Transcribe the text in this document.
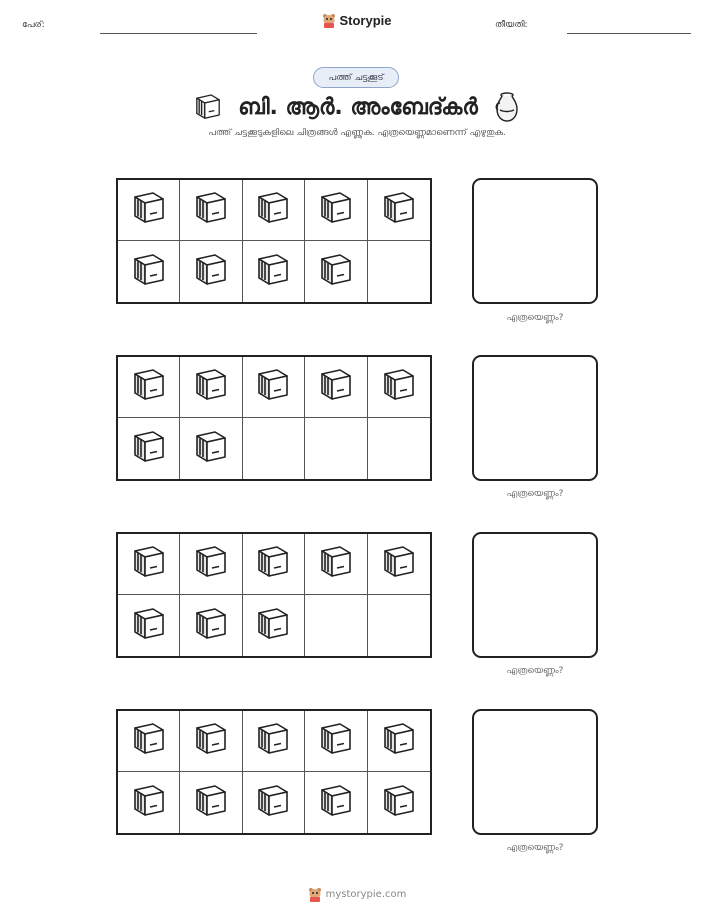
പേര്:	Storypie	തീയതി:
പത്ത് ചട്ടക്കൂട്
ബി. ആർ. അംബേദ്കർ
പത്ത് ചട്ടക്കൂടുകളിലെ ചിത്രങ്ങൾ എണ്ണുക. എത്രയെണ്ണമാണെന്ന് എഴുതുക.
എത്രയെണ്ണം?
എത്രയെണ്ണം?
എത്രയെണ്ണം?
എത്രയെണ്ണം?
mystorypie.com
